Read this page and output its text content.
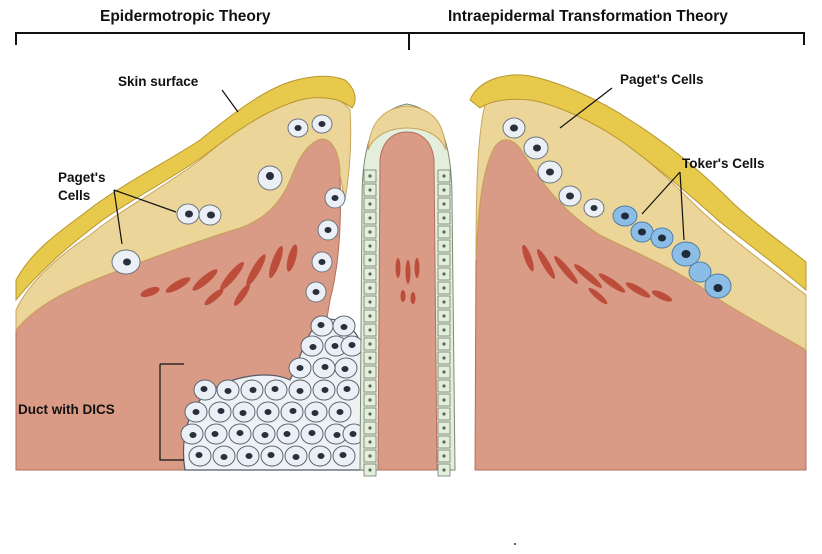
Epidermotropic Theory	Intraepidermal Transformation Theory
Skin surface
Paget's
Cells
Duct with DICS
Paget's Cells
Toker's Cells
